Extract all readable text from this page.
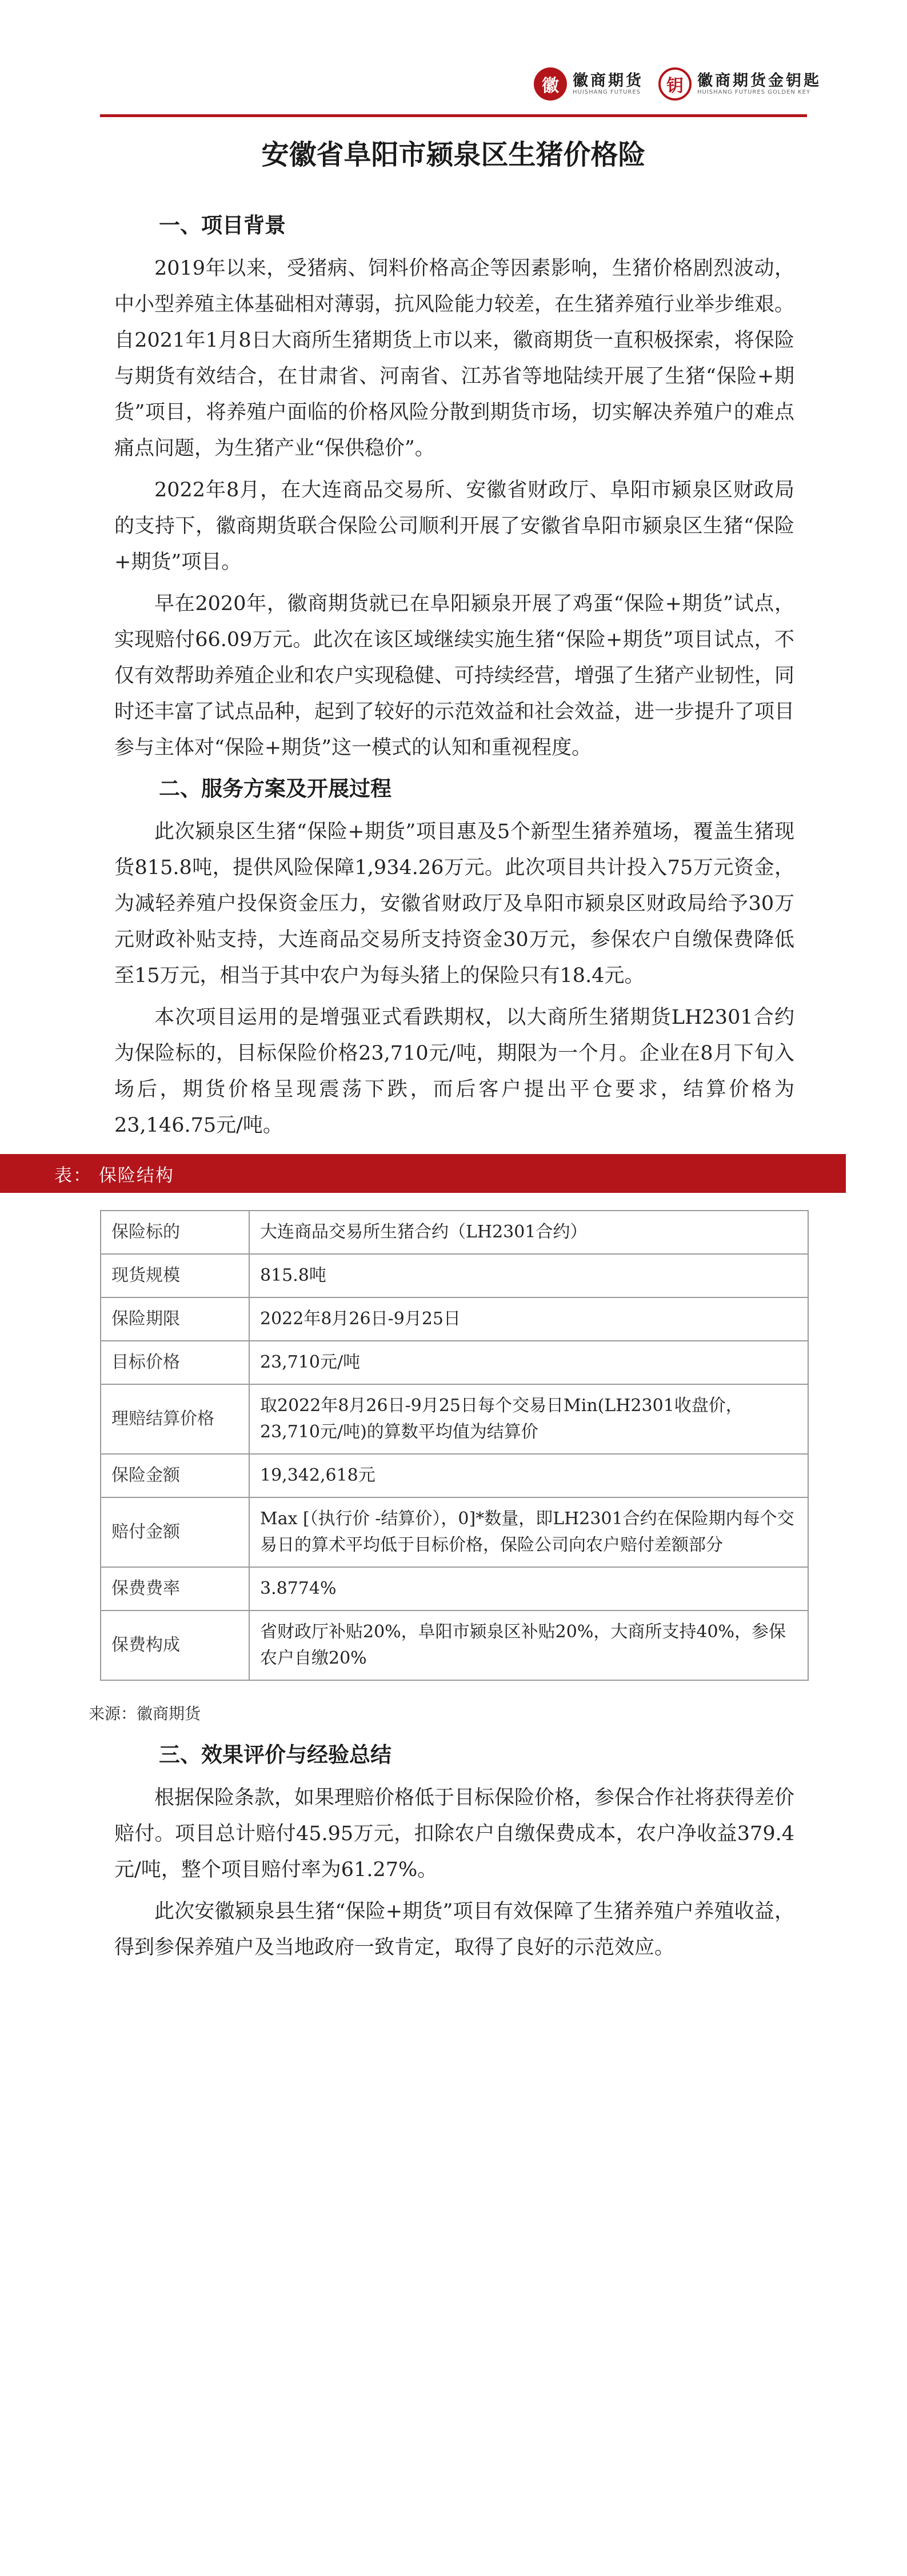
徽 徽商期货
HUISHANG FUTURES	钥 徽商期货金钥匙
HUISHANG FUTURES GOLDEN KEY
安徽省阜阳市颍泉区生猪价格险
一、项目背景

2019年以来，受猪病、饲料价格高企等因素影响，生猪价格剧烈波动，中小型养殖主体基础相对薄弱，抗风险能力较差，在生猪养殖行业举步维艰。自2021年1月8日大商所生猪期货上市以来，徽商期货一直积极探索，将保险与期货有效结合，在甘肃省、河南省、江苏省等地陆续开展了生猪“保险+期货”项目，将养殖户面临的价格风险分散到期货市场，切实解决养殖户的难点痛点问题，为生猪产业“保供稳价”。

2022年8月，在大连商品交易所、安徽省财政厅、阜阳市颍泉区财政局的支持下，徽商期货联合保险公司顺利开展了安徽省阜阳市颍泉区生猪“保险+期货”项目。

早在2020年，徽商期货就已在阜阳颍泉开展了鸡蛋“保险+期货”试点，实现赔付66.09万元。此次在该区域继续实施生猪“保险+期货”项目试点，不仅有效帮助养殖企业和农户实现稳健、可持续经营，增强了生猪产业韧性，同时还丰富了试点品种，起到了较好的示范效益和社会效益，进一步提升了项目参与主体对“保险+期货”这一模式的认知和重视程度。

二、服务方案及开展过程

此次颍泉区生猪“保险+期货”项目惠及5个新型生猪养殖场，覆盖生猪现货815.8吨，提供风险保障1,934.26万元。此次项目共计投入75万元资金，为减轻养殖户投保资金压力，安徽省财政厅及阜阳市颍泉区财政局给予30万元财政补贴支持，大连商品交易所支持资金30万元，参保农户自缴保费降低至15万元，相当于其中农户为每头猪上的保险只有18.4元。

本次项目运用的是增强亚式看跌期权，以大商所生猪期货LH2301合约为保险标的，目标保险价格23,710元/吨，期限为一个月。企业在8月下旬入场后，期货价格呈现震荡下跌，而后客户提出平仓要求，结算价格为23,146.75元/吨。

表： 保险结构
保险标的	大连商品交易所生猪合约（LH2301合约）
现货规模	815.8吨
保险期限	2022年8月26日-9月25日
目标价格	23,710元/吨
理赔结算价格	取2022年8月26日-9月25日每个交易日Min(LH2301收盘价，23,710元/吨)的算数平均值为结算价
保险金额	19,342,618元
赔付金额	Max [（执行价 -结算价），0]*数量，即LH2301合约在保险期内每个交易日的算术平均低于目标价格，保险公司向农户赔付差额部分
保费费率	3.8774%
保费构成	省财政厅补贴20%，阜阳市颍泉区补贴20%，大商所支持40%，参保农户自缴20%
来源：徽商期货
三、效果评价与经验总结

根据保险条款，如果理赔价格低于目标保险价格，参保合作社将获得差价赔付。项目总计赔付45.95万元，扣除农户自缴保费成本，农户净收益379.4元/吨，整个项目赔付率为61.27%。

此次安徽颍泉县生猪“保险+期货”项目有效保障了生猪养殖户养殖收益，得到参保养殖户及当地政府一致肯定，取得了良好的示范效应。
